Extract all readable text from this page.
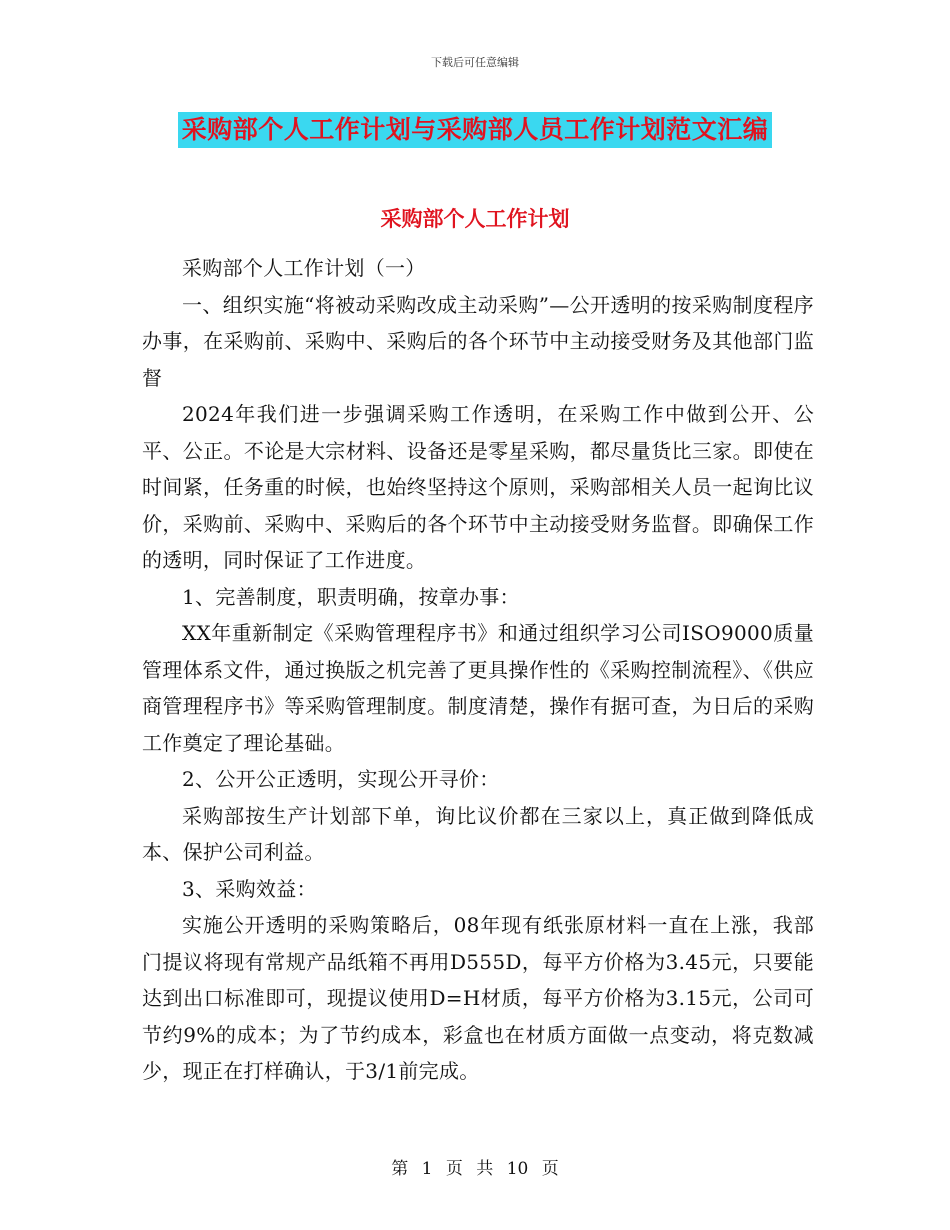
下载后可任意编辑
采购部个人工作计划与采购部人员工作计划范文汇编
采购部个人工作计划

采购部个人工作计划（一）

一、组织实施“将被动采购改成主动采购”—公开透明的按采购制度程序办事，在采购前、采购中、采购后的各个环节中主动接受财务及其他部门监督

2024年我们进一步强调采购工作透明，在采购工作中做到公开、公平、公正。不论是大宗材料、设备还是零星采购，都尽量货比三家。即使在时间紧，任务重的时候，也始终坚持这个原则，采购部相关人员一起询比议价，采购前、采购中、采购后的各个环节中主动接受财务监督。即确保工作的透明，同时保证了工作进度。

1、完善制度，职责明确，按章办事：

XX年重新制定《采购管理程序书》和通过组织学习公司ISO9000质量管理体系文件，通过换版之机完善了更具操作性的《采购控制流程》、《供应商管理程序书》等采购管理制度。制度清楚，操作有据可查，为日后的采购工作奠定了理论基础。

2、公开公正透明，实现公开寻价：

采购部按生产计划部下单，询比议价都在三家以上，真正做到降低成本、保护公司利益。

3、采购效益：

实施公开透明的采购策略后，08年现有纸张原材料一直在上涨，我部门提议将现有常规产品纸箱不再用D555D，每平方价格为3.45元，只要能达到出口标准即可，现提议使用D=H材质，每平方价格为3.15元，公司可节约9%的成本；为了节约成本，彩盒也在材质方面做一点变动，将克数减少，现正在打样确认，于3/1前完成。

第 1 页 共 10 页
